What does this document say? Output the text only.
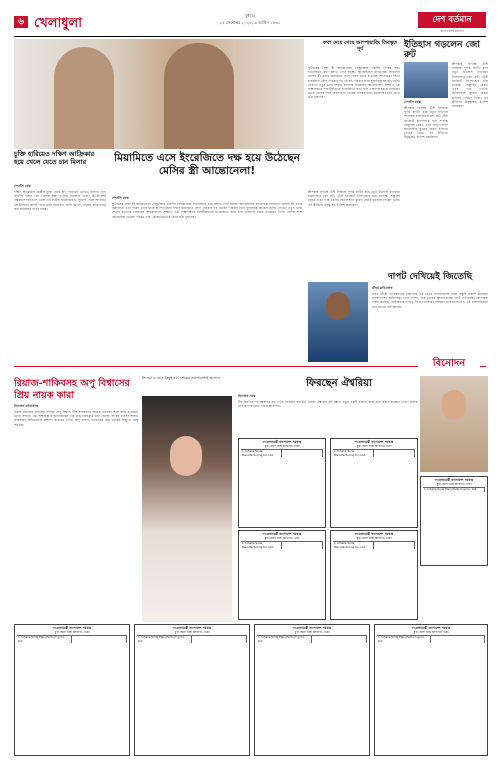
৬ খেলাধুলা
বুধবার
২৫ সেপ্টেম্বর ২০২৪, ৯ আশ্বিন ১৪৩১	দেশ বর্তমান
বাংলাদেশের প্রতিদিন
কথা দেয়ে গেছে আম্পায়ারিং তিরস্কৃত সূর্য	ইতিহাস গড়লেন জো রুট
শ্রীলঙ্কার বিপক্ষে টেস্ট সিরিজে দুর্দান্ত ব্যাটিং করে নতুন ইতিহাস গড়েছেন ইংল্যান্ডের জো রুট। টেস্ট ক্রিকেটে ইংল্যান্ডের হয়ে সর্বোচ্চ সেঞ্চুরির রেকর্ড এখন তার দখলে। অ্যালিস্টার কুকের রেকর্ড ছাড়িয়ে গেছেন তিনি। এই কীর্তিতে উচ্ছ্বসিত ইংলিশ সমর্থকরা।
স্পোর্টস ডেস্ক
শ্রীলঙ্কার বিপক্ষে টেস্ট সিরিজে দুর্দান্ত ব্যাটিং করে নতুন ইতিহাস গড়েছেন ইংল্যান্ডের জো রুট। টেস্ট ক্রিকেটে ইংল্যান্ডের হয়ে সর্বোচ্চ সেঞ্চুরির রেকর্ড এখন তার দখলে। অ্যালিস্টার কুকের রেকর্ড ছাড়িয়ে গেছেন তিনি। এই কীর্তিতে উচ্ছ্বসিত ইংলিশ সমর্থকরা।
ফুটবলের সেরা কী আন্তোনেলা রোকুজ্জোর একটিন ফিরিঙ্ক সবচ ইংরেজিতে কথা বলতে দেখা যাচ্ছে। আর্জেন্টাইন মহাতারকা লিওনেল মেসির স্ত্রী এবার মিয়ামিতে এসে দারুণ ভাবে ইংরেজি শিখেছেন। ইন্টার মায়ামিতে যোগ দেওয়ার পর থেকেই পরিবার নিয়ে যুক্তরাষ্ট্রে আছেন মেসি। সেখানে নতুন ভাষা শেখার চ্যালেঞ্জ নিয়েছেন আন্তোনেলা। সম্প্রতি এক সাক্ষাৎকারে সাবলীলভাবে ইংরেজিতে কথা বলে ভক্তদের চমকে দিয়েছেন তিনি। মেসির সঙ্গে ছেলেবেলা থেকেই পরিচয় তার, রোজারিওতেই বেড়ে ওঠা দুজনের।
চুক্তি হারিয়েও দক্ষিণ আফ্রিকার হয়ে খেলে যেতে চান মিলার
স্পোর্টস ডেস্ক
দক্ষিণ আফ্রিকার কেন্দ্রীয় চুক্তি থেকে বাদ পড়েছেন ডেভিড মিলার। তবে জাতীয় দলের হয়ে খেলার ইচ্ছা এখনও হারাননি তিনি। টি-টোয়েন্টি বিশ্বকাপে ফাইনালে খেলা এই ব্যাটার জানিয়েছেন, সুযোগ পেলে আবারও প্রোটিয়াদের জার্সি গায়ে মাঠে নামবেন। তিনি বলেন, দেশের প্রতিনিধিত্ব করা সবসময়ই গর্বের বিষয়।
মিয়ামিতে এসে ইংরেজিতে দক্ষ হয়ে উঠেছেন মেসির স্ত্রী আন্তোনেলা!
স্পোর্টস ডেস্ক
ফুটবলের সেরা কী আন্তোনেলা রোকুজ্জোর একটিন ফিরিঙ্ক সবচ ইংরেজিতে কথা বলতে দেখা যাচ্ছে। আর্জেন্টাইন মহাতারকা লিওনেল মেসির স্ত্রী এবার মিয়ামিতে এসে দারুণ ভাবে ইংরেজি শিখেছেন। ইন্টার মায়ামিতে যোগ দেওয়ার পর থেকেই পরিবার নিয়ে যুক্তরাষ্ট্রে আছেন মেসি। সেখানে নতুন ভাষা শেখার চ্যালেঞ্জ নিয়েছেন আন্তোনেলা। সম্প্রতি এক সাক্ষাৎকারে সাবলীলভাবে ইংরেজিতে কথা বলে ভক্তদের চমকে দিয়েছেন তিনি। মেসির সঙ্গে ছেলেবেলা থেকেই পরিচয় তার, রোজারিওতেই বেড়ে ওঠা দুজনের।
শ্রীলঙ্কার বিপক্ষে টেস্ট সিরিজে দুর্দান্ত ব্যাটিং করে নতুন ইতিহাস গড়েছেন ইংল্যান্ডের জো রুট। টেস্ট ক্রিকেটে ইংল্যান্ডের হয়ে সর্বোচ্চ সেঞ্চুরির রেকর্ড এখন তার দখলে। অ্যালিস্টার কুকের রেকর্ড ছাড়িয়ে গেছেন তিনি। এই কীর্তিতে উচ্ছ্বসিত ইংলিশ সমর্থকরা।
দাপট দেখিয়েই জিতেছি
ক্রীড়া প্রতিবেদক
প্রথম টেস্টে পাকিস্তানকে হারানোর পর দলের পারফরম্যান্স নিয়ে সন্তুষ্টি প্রকাশ করেছেন বাংলাদেশের অধিনায়ক। তিনি বলেন, শুরু থেকেই আমরা ম্যাচে দাপট দেখিয়েছি। বোলাররা দারুণ করেছে, ব্যাটাররাও দায়িত্ব নিয়ে খেলেছে। সামনের ম্যাচগুলোতেও এই ধারাবাহিকতা ধরে রাখতে চাই আমরা।
বিনোদন
রিয়াজ-শাকিবসহ অপু বিশ্বাসের প্রিয় নায়ক কারা
বিনোদন প্রতিবেদক
ঢাকাই সিনেমার জনপ্রিয় নায়িকা অপু বিশ্বাস। দীর্ঘ ক্যারিয়ারে অনেক নায়কের সঙ্গে কাজ করেছেন তিনি। সম্প্রতি এক সাক্ষাৎকারে জানিয়েছেন তার প্রিয় নায়কদের নাম। রিয়াজ, শাকিব খানসহ আরও কয়েকজন অভিনেতার প্রশংসা করেছেন তিনি। অপু বলেন, প্রত্যেকের কাছ থেকেই কিছু না কিছু শিখেছি।
সিনেমা এ বয়স কিছুই নয়, দর্শকের ভালোবাসাই আসল।	ফিরছেন ঐশ্বরিয়া
বিনোদন ডেস্ক
দীর্ঘ বিরতির পর আবারও বড় পর্দায় ফিরছেন বলিউড তারকা ঐশ্বরিয়া রাই বচ্চন। নতুন একটি ছবিতে কাজ শুরু করতে যাচ্ছেন তিনি। ভক্তরা তার প্রত্যাবর্তনের খবরে আনন্দিত।
গণপ্রজাতন্ত্রী বাংলাদেশ সরকার
যুগ্ম জেলা জজ আদালত, ঢাকা
1. Dhaka Soda Manufacturing Co. Ltd.
গণপ্রজাতন্ত্রী বাংলাদেশ সরকার
যুগ্ম জেলা জজ আদালত, ঢাকা
1. Dhaka Soda Manufacturing Co. Ltd.
গণপ্রজাতন্ত্রী বাংলাদেশ সরকার
যুগ্ম জেলা জজ আদালত, ঢাকা
1. Dhaka Soda Manufacturing Co. Ltd.
গণপ্রজাতন্ত্রী বাংলাদেশ সরকার
যুগ্ম জেলা জজ আদালত, ঢাকা
1. Dhaka Soda Manufacturing Co. Ltd.
গণপ্রজাতন্ত্রী বাংলাদেশ সরকার
যুগ্ম জেলা জজ আদালত, ঢাকা
1. Dhaka Soda Manufacturing Co. Ltd.
গণপ্রজাতন্ত্রী বাংলাদেশ সরকার
যুগ্ম জেলা জজ আদালত, ঢাকা
1. Dhaka Soda Manufacturing Co. Ltd.
গণপ্রজাতন্ত্রী বাংলাদেশ সরকার
যুগ্ম জেলা জজ আদালত, ঢাকা
1. Dhaka Soda Manufacturing Co. Ltd.
গণপ্রজাতন্ত্রী বাংলাদেশ সরকার
যুগ্ম জেলা জজ আদালত, ঢাকা
1. Dhaka Soda Manufacturing Co. Ltd.
গণপ্রজাতন্ত্রী বাংলাদেশ সরকার
যুগ্ম জেলা জজ আদালত, ঢাকা
1. Dhaka Soda Manufacturing Co. Ltd.
